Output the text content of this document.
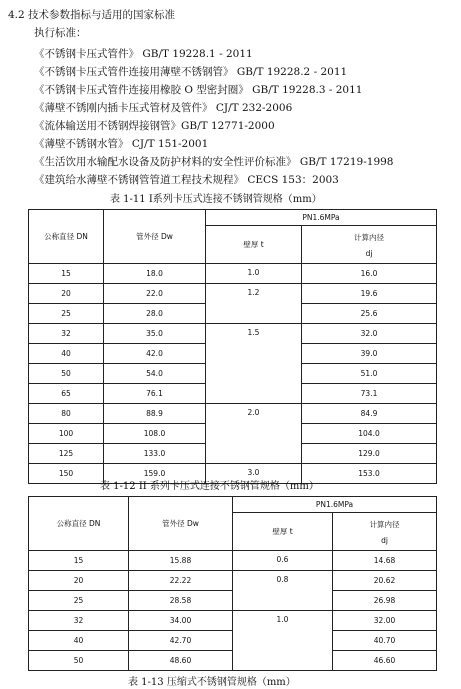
4.2 技术参数指标与适用的国家标准
执行标准：
《不锈钢卡压式管件》 GB/T 19228.1 - 2011
《不锈钢卡压式管件连接用薄壁不锈钢管》 GB/T 19228.2 - 2011
《不锈钢卡压式管件连接用橡胶 O 型密封圈》 GB/T 19228.3 - 2011
《薄壁不锈刚内插卡压式管材及管件》 CJ/T 232-2006
《流体输送用不锈钢焊接钢管》GB/T 12771-2000
《薄壁不锈钢水管》 CJ/T 151-2001
《生活饮用水输配水设备及防护材料的安全性评价标准》 GB/T 17219-1998
《建筑给水薄壁不锈钢管管道工程技术规程》 CECS 153：2003
表 1-11 Ⅰ系列卡压式连接不锈钢管规格（mm）
公称直径 DN	管外径 Dw	PN1.6MPa	
		壁厚 t	计算内径
dj

15	18.0	1.0	16.0
20	22.0	1.2	19.6
25	28.0		25.6
32	35.0	1.5	32.0
40	42.0		39.0
50	54.0		51.0
65	76.1		73.1
80	88.9	2.0	84.9
100	108.0		104.0
125	133.0		129.0
150	159.0	3.0	153.0
表 1-12 II 系列卡压式连接不锈钢管规格（mm）
公称直径 DN	管外径 Dw	PN1.6MPa	
		壁厚 t	计算内径
dj

15	15.88	0.6	14.68
20	22.22	0.8	20.62
25	28.58		26.98
32	34.00	1.0	32.00
40	42.70		40.70
50	48.60		46.60
表 1-13 压缩式不锈钢管规格（mm）
